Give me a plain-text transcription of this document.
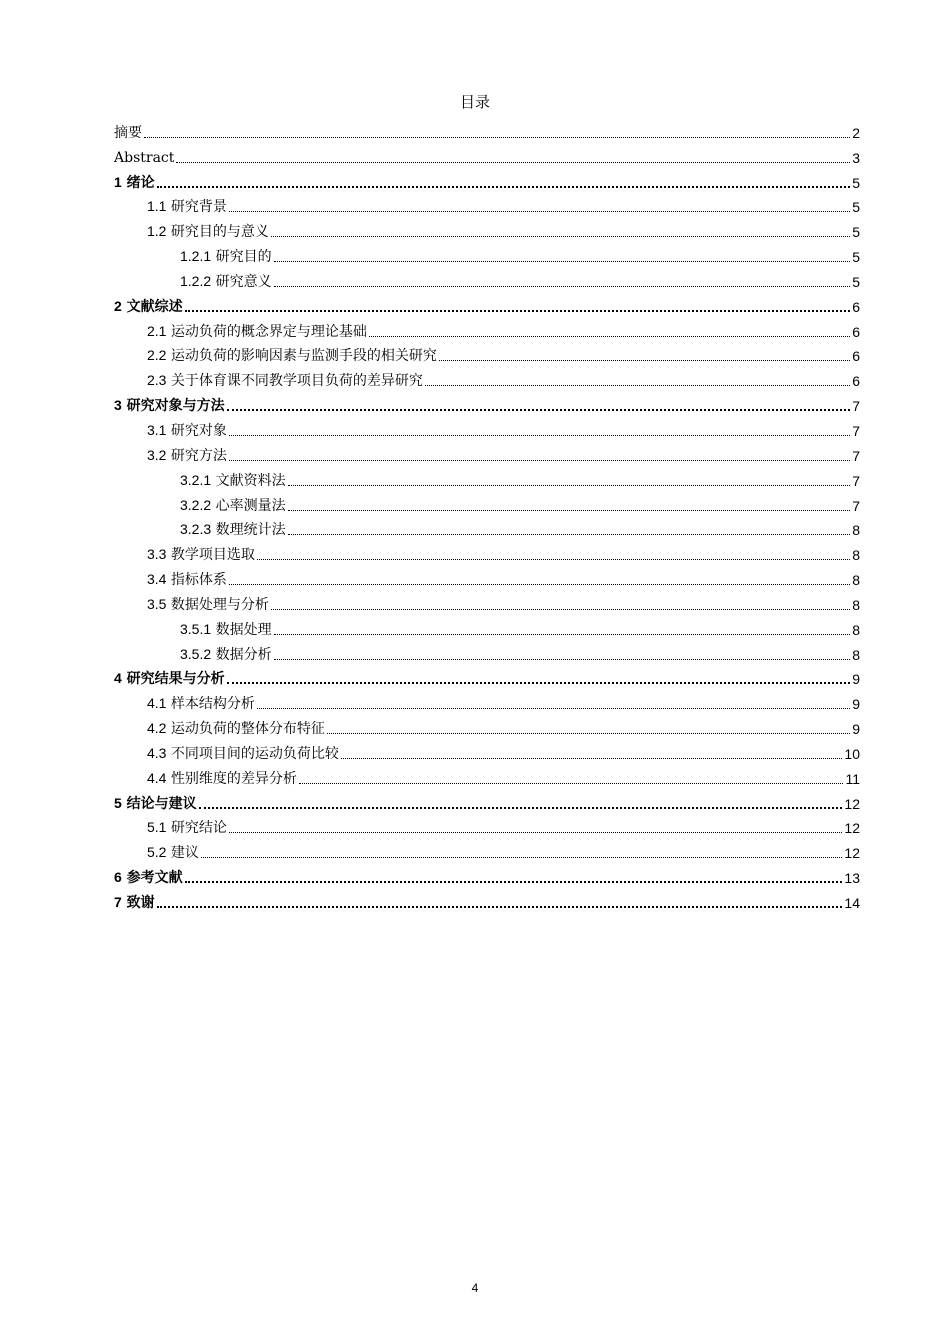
目录
摘要	2
Abstract	3
1 绪论	5
1.1 研究背景	5
1.2 研究目的与意义	5
1.2.1 研究目的	5
1.2.2 研究意义	5
2 文献综述	6
2.1 运动负荷的概念界定与理论基础	6
2.2 运动负荷的影响因素与监测手段的相关研究	6
2.3 关于体育课不同教学项目负荷的差异研究	6
3 研究对象与方法	7
3.1 研究对象	7
3.2 研究方法	7
3.2.1 文献资料法	7
3.2.2 心率测量法	7
3.2.3 数理统计法	8
3.3 教学项目选取	8
3.4 指标体系	8
3.5 数据处理与分析	8
3.5.1 数据处理	8
3.5.2 数据分析	8
4 研究结果与分析	9
4.1 样本结构分析	9
4.2 运动负荷的整体分布特征	9
4.3 不同项目间的运动负荷比较	10
4.4 性别维度的差异分析	11
5 结论与建议	12
5.1 研究结论	12
5.2 建议	12
6 参考文献	13
7 致谢	14
4
